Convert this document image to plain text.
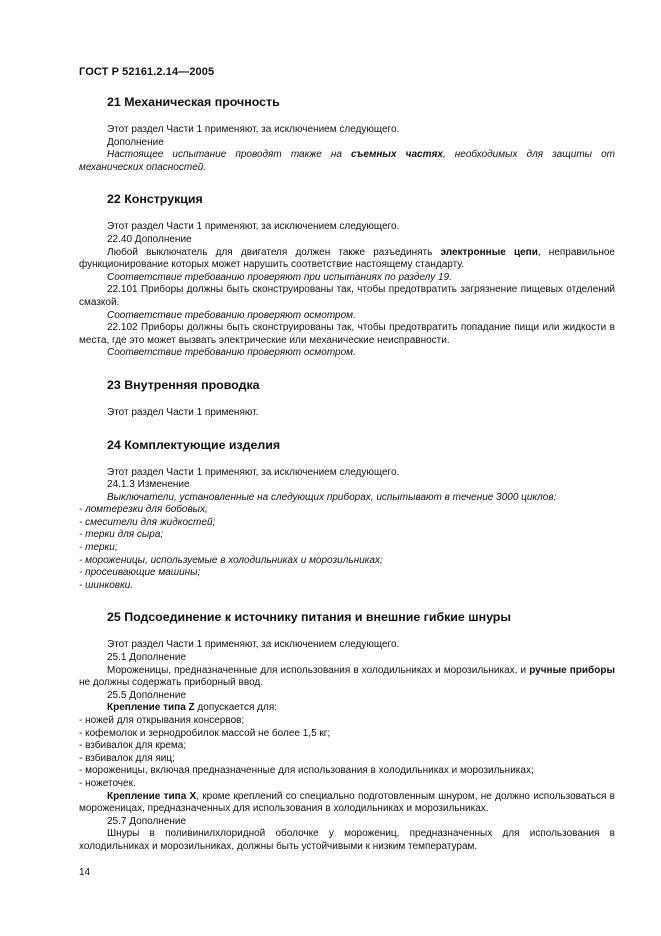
ГОСТ Р 52161.2.14—2005
21 Механическая прочность

Этот раздел Части 1 применяют, за исключением следующего.

Дополнение

Настоящее испытание проводят также на съемных частях, необходимых для защиты от механических опасностей.

22 Конструкция

Этот раздел Части 1 применяют, за исключением следующего.

22.40 Дополнение

Любой выключатель для двигателя должен также разъединять электронные цепи, неправильное функционирование которых может нарушить соответствие настоящему стандарту.

Соответствие требованию проверяют при испытаниях по разделу 19.

22.101 Приборы должны быть сконструированы так, чтобы предотвратить загрязнение пищевых отделений смазкой.

Соответствие требованию проверяют осмотром.

22.102 Приборы должны быть сконструированы так, чтобы предотвратить попадание пищи или жидкости в места, где это может вызвать электрические или механические неисправности.

Соответствие требованию проверяют осмотром.

23 Внутренняя проводка

Этот раздел Части 1 применяют.

24 Комплектующие изделия

Этот раздел Части 1 применяют, за исключением следующего.

24.1.3 Изменение

Выключатели, установленные на следующих приборах, испытывают в течение 3000 циклов:

- ломтерезки для бобовых;

- смесители для жидкостей;

- терки для сыра;

- терки;

- мороженицы, используемые в холодильниках и морозильниках;

- просеивающие машины;

- шинковки.

25 Подсоединение к источнику питания и внешние гибкие шнуры

Этот раздел Части 1 применяют, за исключением следующего.

25.1 Дополнение

Мороженицы, предназначенные для использования в холодильниках и морозильниках, и ручные приборы не должны содержать приборный ввод.

25.5 Дополнение

Крепление типа Z допускается для:

- ножей для открывания консервов;

- кофемолок и зернодробилок массой не более 1,5 кг;

- взбивалок для крема;

- взбивалок для яиц;

- мороженицы, включая предназначенные для использования в холодильниках и морозильниках;

- ножеточек.

Крепление типа X, кроме креплений со специально подготовленным шнуром, не должно использоваться в мороженицах, предназначенных для использования в холодильниках и морозильниках.

25.7 Дополнение

Шнуры в поливинилхлоридной оболочке у морожениц, предназначенных для использования в холодильниках и морозильниках, должны быть устойчивыми к низким температурам.

14
